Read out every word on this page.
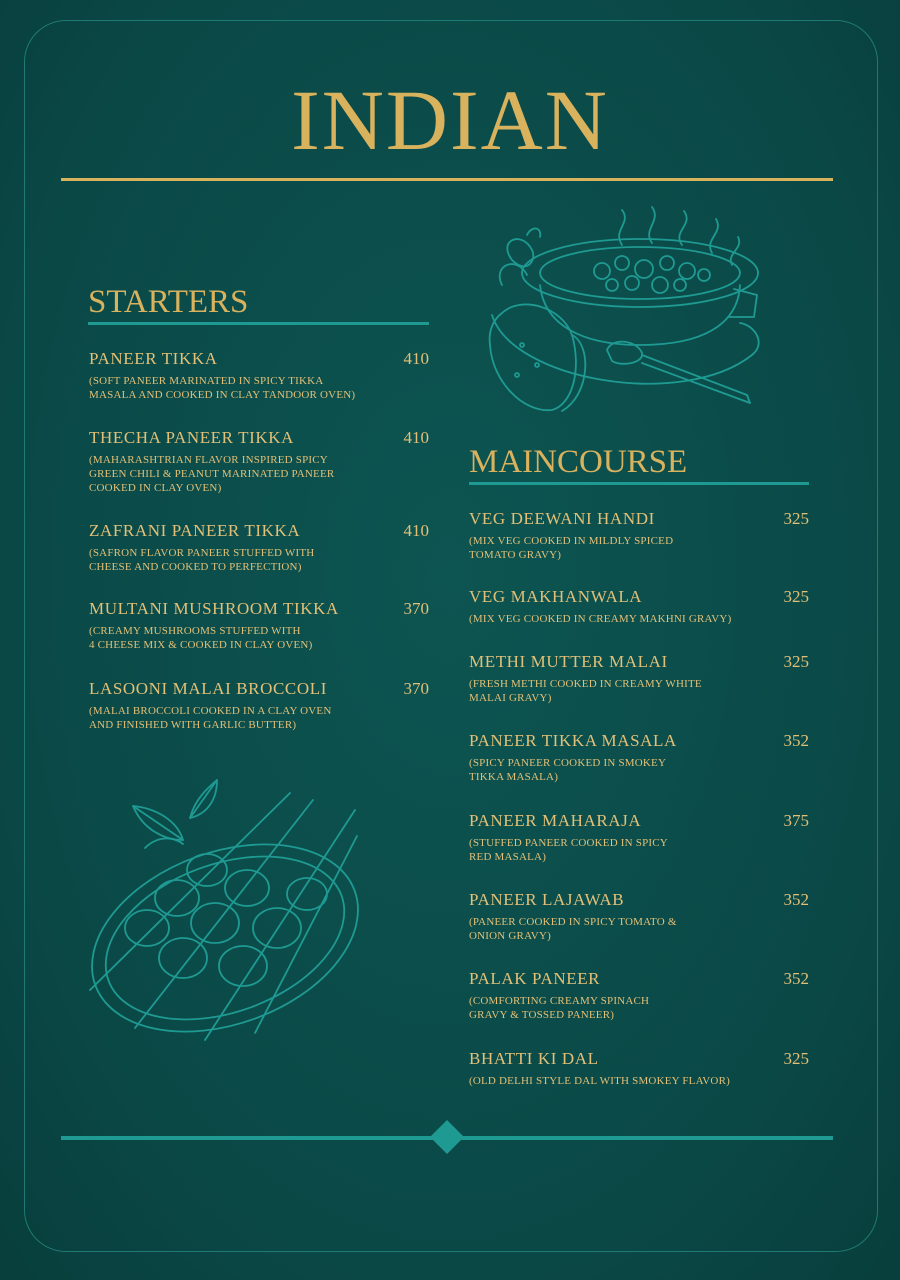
INDIAN
STARTERS
PANEER TIKKA	410
(SOFT PANEER MARINATED IN SPICY TIKKA
MASALA AND COOKED IN CLAY TANDOOR OVEN)
THECHA PANEER TIKKA	410
(MAHARASHTRIAN FLAVOR INSPIRED SPICY
GREEN CHILI & PEANUT MARINATED PANEER
COOKED IN CLAY OVEN)
ZAFRANI PANEER TIKKA	410
(SAFRON FLAVOR PANEER STUFFED WITH
CHEESE AND COOKED TO PERFECTION)
MULTANI MUSHROOM TIKKA	370
(CREAMY MUSHROOMS STUFFED WITH
4 CHEESE MIX & COOKED IN CLAY OVEN)
LASOONI MALAI BROCCOLI	370
(MALAI BROCCOLI COOKED IN A CLAY OVEN
AND FINISHED WITH GARLIC BUTTER)
MAINCOURSE
VEG DEEWANI HANDI	325
(MIX VEG COOKED IN MILDLY SPICED
TOMATO GRAVY)
VEG MAKHANWALA	325
(MIX VEG COOKED IN CREAMY MAKHNI GRAVY)
METHI MUTTER MALAI	325
(FRESH METHI COOKED IN CREAMY WHITE
MALAI GRAVY)
PANEER TIKKA MASALA	352
(SPICY PANEER COOKED IN SMOKEY
TIKKA MASALA)
PANEER MAHARAJA	375
(STUFFED PANEER COOKED IN SPICY
RED MASALA)
PANEER LAJAWAB	352
(PANEER COOKED IN SPICY TOMATO &
ONION GRAVY)
PALAK PANEER	352
(COMFORTING CREAMY SPINACH
GRAVY & TOSSED PANEER)
BHATTI KI DAL	325
(OLD DELHI STYLE DAL WITH SMOKEY FLAVOR)
